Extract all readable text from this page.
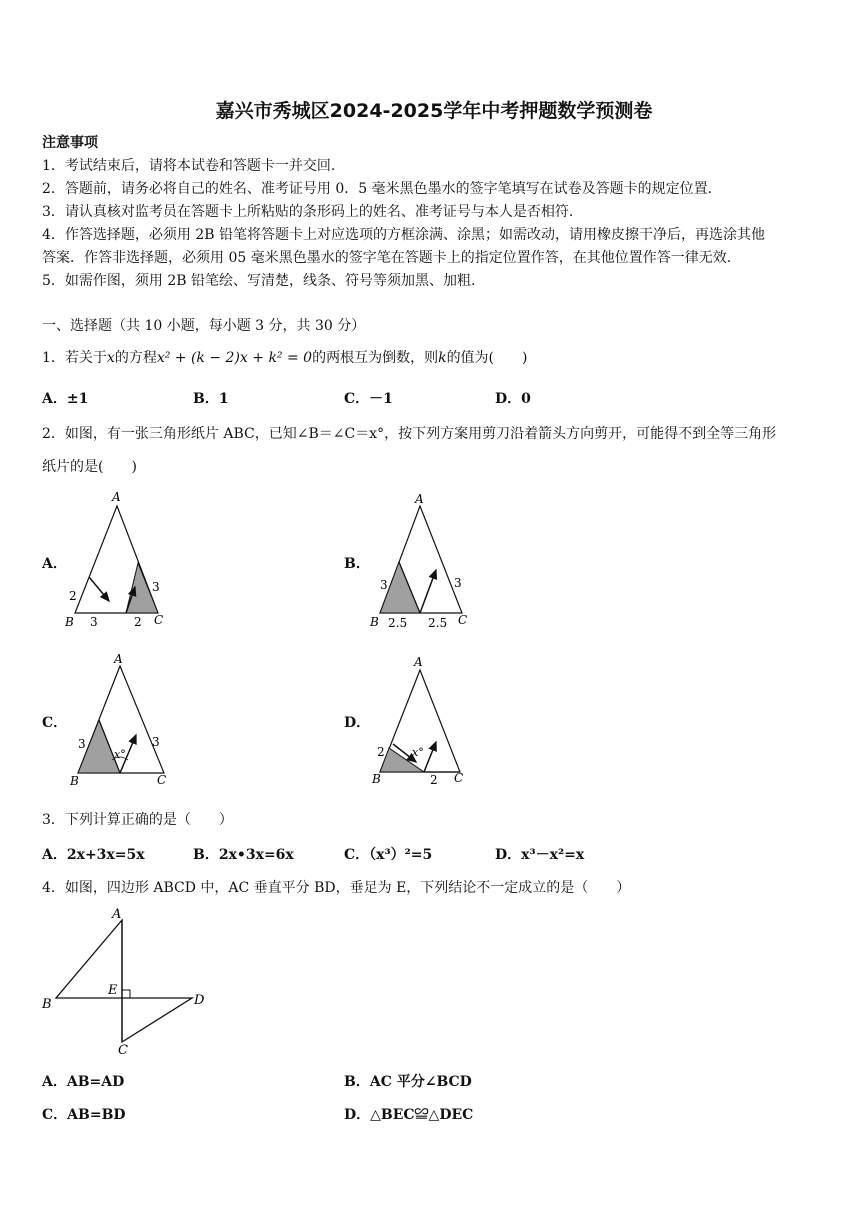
嘉兴市秀城区2024-2025学年中考押题数学预测卷
注意事项
1．考试结束后，请将本试卷和答题卡一并交回.
2．答题前，请务必将自己的姓名、准考证号用 0．5 毫米黑色墨水的签字笔填写在试卷及答题卡的规定位置.
3．请认真核对监考员在答题卡上所粘贴的条形码上的姓名、准考证号与本人是否相符.
4．作答选择题，必须用 2B 铅笔将答题卡上对应选项的方框涂满、涂黑；如需改动，请用橡皮擦干净后，再选涂其他
答案．作答非选择题，必须用 05 毫米黑色墨水的签字笔在答题卡上的指定位置作答，在其他位置作答一律无效.
5．如需作图，须用 2B 铅笔绘、写清楚，线条、符号等须加黑、加粗.
一、选择题（共 10 小题，每小题 3 分，共 30 分）
1．若关于x的方程x² + (k − 2)x + k² = 0的两根互为倒数，则k的值为(　　)
A．±1	B．1	C．－1	D．0
2．如图，有一张三角形纸片 ABC，已知∠B＝∠C＝x°，按下列方案用剪刀沿着箭头方向剪开，可能得不到全等三角形
纸片的是(　　)
A．	B．
C．	D．
A
B	C
2
3
3	2
A
B	C
3	3
2.5 2.5
A
B	C
3	3
x°
A
B	C
2
2
x°
3．下列计算正确的是（　　）
A．2x+3x=5x	B．2x•3x=6x	C．（x³）²=5	D．x³－x²=x
4．如图，四边形 ABCD 中，AC 垂直平分 BD，垂足为 E，下列结论不一定成立的是（　　）
A
B
C
D
E
A．AB=AD	B．AC 平分∠BCD
C．AB=BD	D．△BEC≌△DEC
